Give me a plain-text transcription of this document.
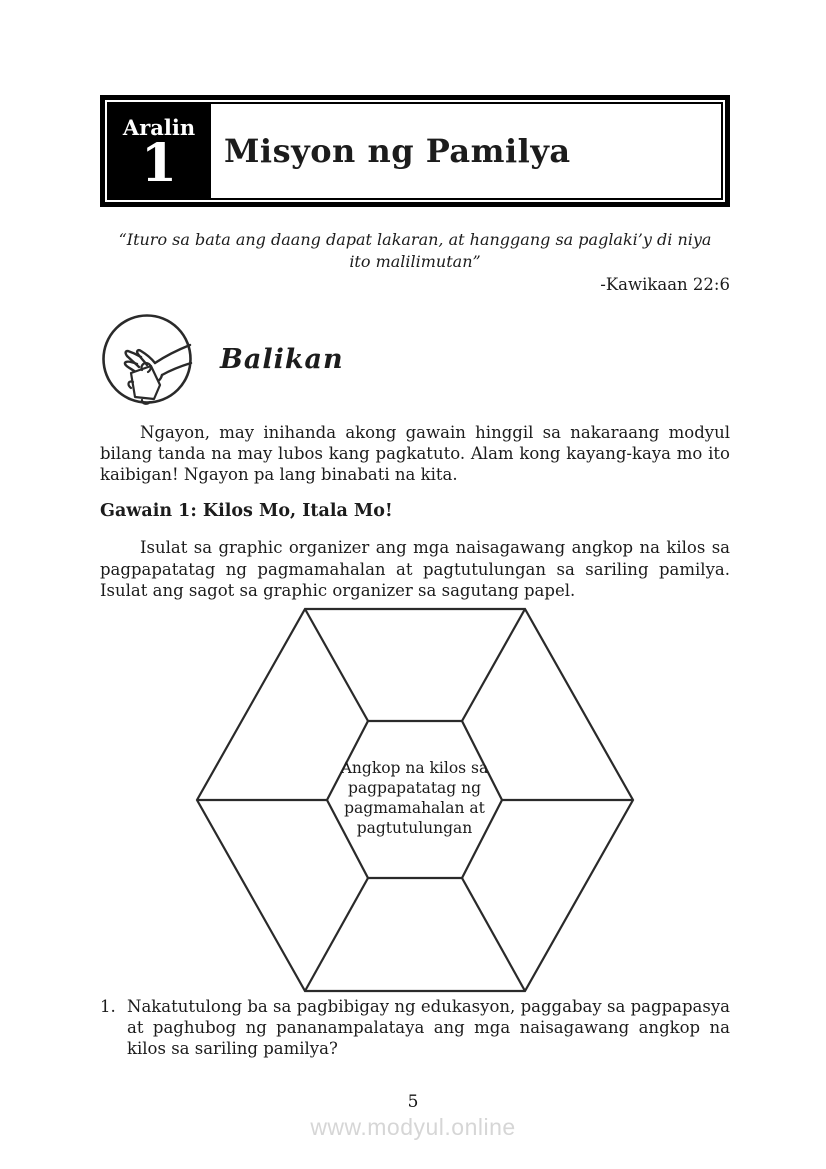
Aralin
1 Misyon ng Pamilya
“Ituro sa bata ang daang dapat lakaran, at hanggang sa paglaki’y di niya ito malilimutan”
-Kawikaan 22:6
Balikan

Ngayon, may inihanda akong gawain hinggil sa nakaraang modyul bilang tanda na may lubos kang pagkatuto. Alam kong kayang-kaya mo ito kaibigan! Ngayon pa lang binabati na kita.

Gawain 1: Kilos Mo, Itala Mo!

Isulat sa graphic organizer ang mga naisagawang angkop na kilos sa pagpapatatag ng pagmamahalan at pagtutulungan sa sariling pamilya. Isulat ang sagot sa graphic organizer sa sagutang papel.

Angkop na kilos sa pagpapatatag ng pagmamahalan at pagtutulungan
1. Nakatutulong ba sa pagbibigay ng edukasyon, paggabay sa pagpapasya at paghubog ng pananampalataya ang mga naisagawang angkop na kilos sa sariling pamilya?
5
www.modyul.online
